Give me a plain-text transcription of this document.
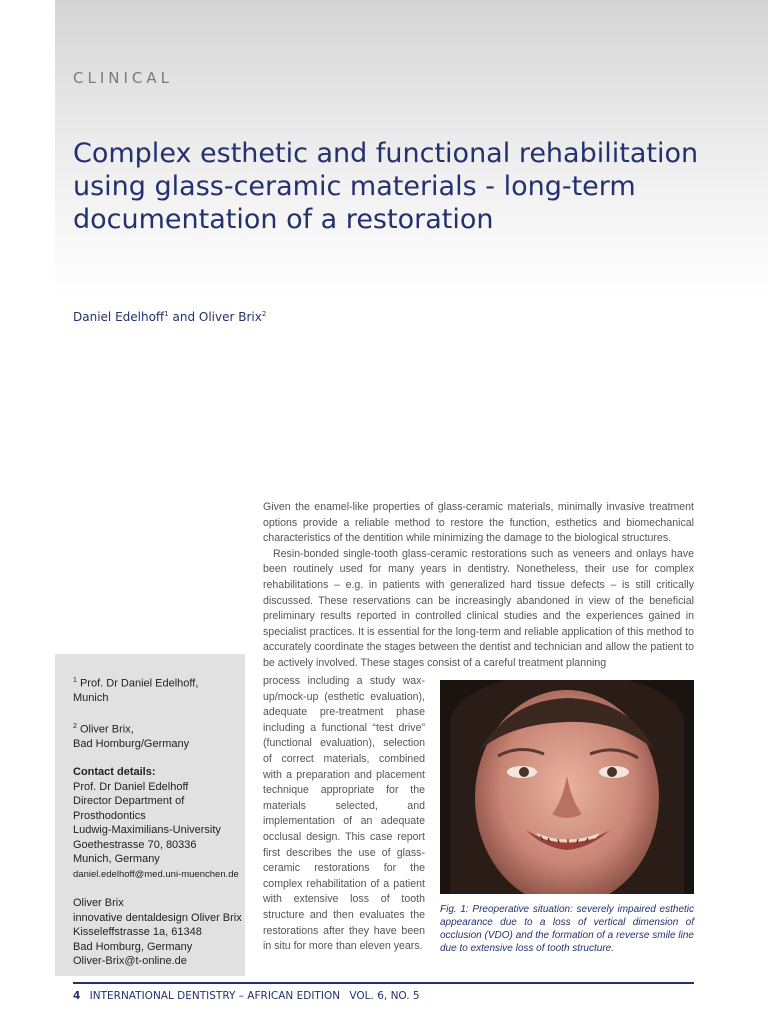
CLINICAL
Complex esthetic and functional rehabilitation
using glass-ceramic materials - long-term
documentation of a restoration
Daniel Edelhoff$^1$ and Oliver Brix$^2$

$^1$ Prof. Dr Daniel Edelhoff,
Munich

$^2$ Oliver Brix,
Bad Homburg/Germany

Contact details:
Prof. Dr Daniel Edelhoff
Director Department of
Prosthodontics
Ludwig-Maximilians-University
Goethestrasse 70, 80336
Munich, Germany
daniel.edelhoff@med.uni-muenchen.de

Oliver Brix
innovative dentaldesign Oliver Brix
Kisseleffstrasse 1a, 61348
Bad Homburg, Germany
Oliver-Brix@t-online.de

Given the enamel-like properties of glass-ceramic materials, minimally invasive treatment options provide a reliable method to restore the function, esthetics and biomechanical characteristics of the dentition while minimizing the damage to the biological structures.

Resin-bonded single-tooth glass-ceramic restorations such as veneers and onlays have been routinely used for many years in dentistry. Nonetheless, their use for complex rehabilitations – e.g. in patients with generalized hard tissue defects – is still critically discussed. These reservations can be increasingly abandoned in view of the beneficial preliminary results reported in controlled clinical studies and the experiences gained in specialist practices. It is essential for the long-term and reliable application of this method to accurately coordinate the stages between the dentist and technician and allow the patient to be actively involved. These stages consist of a careful treatment planning

process including a study wax-up/mock-up (esthetic evaluation), adequate pre-treatment phase including a functional “test drive” (functional evaluation), selection of correct materials, combined with a preparation and placement technique appropriate for the materials selected, and implementation of an adequate occlusal design. This case report first describes the use of glass-ceramic restorations for the complex rehabilitation of a patient with extensive loss of tooth structure and then evaluates the restorations after they have been in situ for more than eleven years.
Fig. 1: Preoperative situation: severely impaired esthetic appearance due to a loss of vertical dimension of occlusion (VDO) and the formation of a reverse smile line due to extensive loss of tooth structure.
4 INTERNATIONAL DENTISTRY – AFRICAN EDITION VOL. 6, NO. 5
